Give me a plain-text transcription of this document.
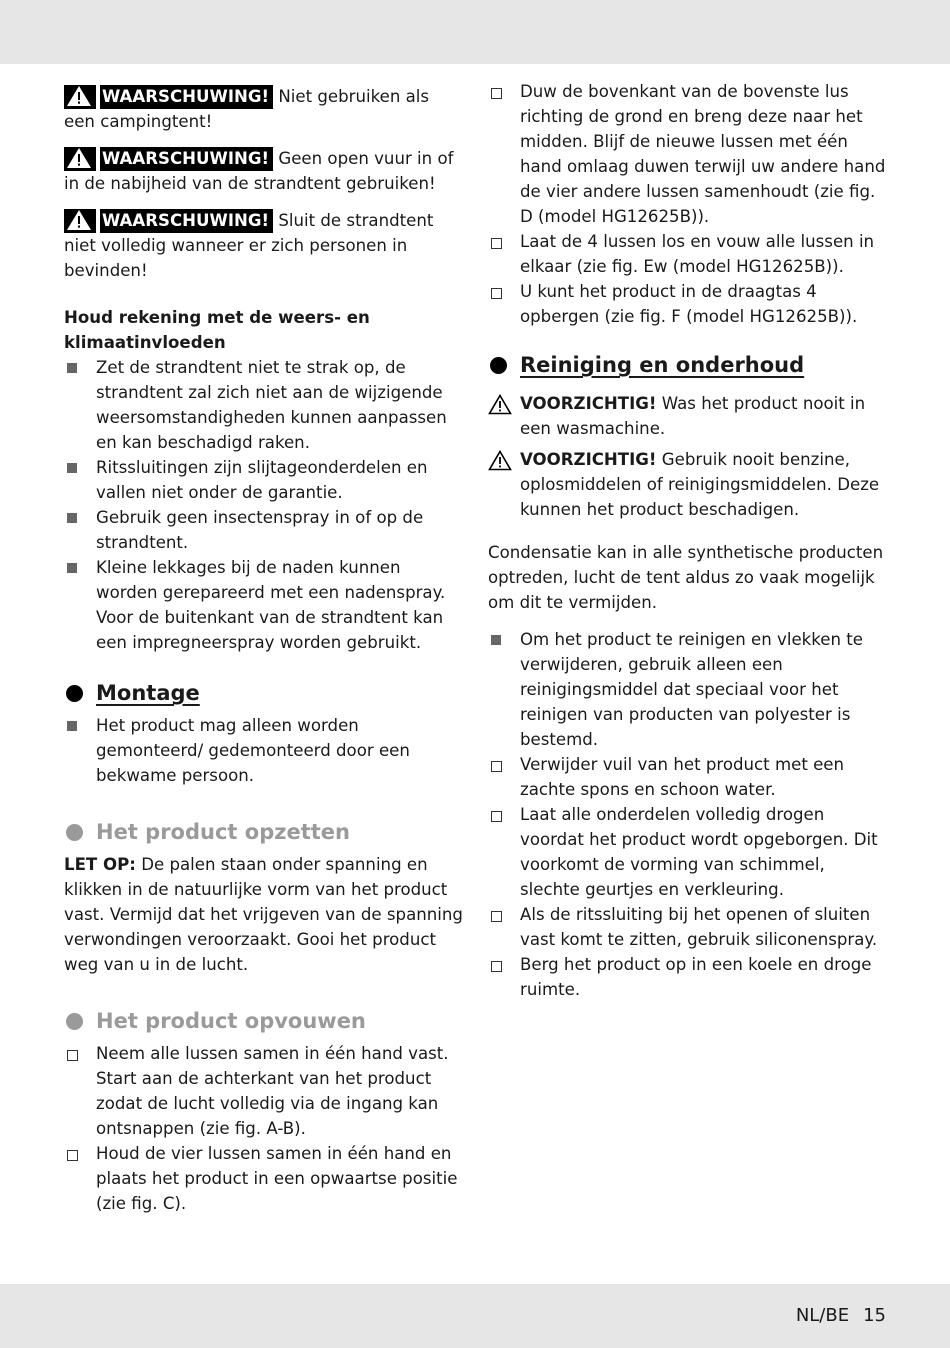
WAARSCHUWING! Niet gebruiken als
een campingtent!

WAARSCHUWING! Geen open vuur in of
in de nabijheid van de strandtent gebruiken!

WAARSCHUWING! Sluit de strandtent
niet volledig wanneer er zich personen in bevinden!

Houd rekening met de weers- en klimaatinvloeden
Zet de strandtent niet te strak op, de strandtent zal zich niet aan de wijzigende weersomstandigheden kunnen aanpassen en kan beschadigd raken.
Ritssluitingen zijn slijtageonderdelen en vallen niet onder de garantie.
Gebruik geen insectenspray in of op de strandtent.
Kleine lekkages bij de naden kunnen worden gerepareerd met een nadenspray. Voor de buitenkant van de strandtent kan een impregneerspray worden gebruikt.
Montage
Het product mag alleen worden gemonteerd/ gedemonteerd door een bekwame persoon.
Het product opzetten

LET OP: De palen staan onder spanning en klikken in de natuurlijke vorm van het product vast. Vermijd dat het vrijgeven van de spanning verwondingen veroorzaakt. Gooi het product weg van u in de lucht.

Het product opvouwen
Neem alle lussen samen in één hand vast. Start aan de achterkant van het product zodat de lucht volledig via de ingang kan ontsnappen (zie fig. A-B).
Houd de vier lussen samen in één hand en plaats het product in een opwaartse positie (zie fig. C).
Duw de bovenkant van de bovenste lus richting de grond en breng deze naar het midden. Blijf de nieuwe lussen met één hand omlaag duwen terwijl uw andere hand de vier andere lussen samenhoudt (zie fig. D (model HG12625B)).
Laat de 4 lussen los en vouw alle lussen in elkaar (zie fig. Ew (model HG12625B)).
U kunt het product in de draagtas 4 opbergen (zie fig. F (model HG12625B)).
Reiniging en onderhoud

VOORZICHTIG! Was het product nooit in een wasmachine.

VOORZICHTIG! Gebruik nooit benzine, oplosmiddelen of reinigingsmiddelen. Deze kunnen het product beschadigen.

Condensatie kan in alle synthetische producten optreden, lucht de tent aldus zo vaak mogelijk om dit te vermijden.

Om het product te reinigen en vlekken te verwijderen, gebruik alleen een reinigingsmiddel dat speciaal voor het reinigen van producten van polyester is bestemd.
Verwijder vuil van het product met een zachte spons en schoon water.
Laat alle onderdelen volledig drogen voordat het product wordt opgeborgen. Dit voorkomt de vorming van schimmel, slechte geurtjes en verkleuring.
Als de ritssluiting bij het openen of sluiten vast komt te zitten, gebruik siliconenspray.
Berg het product op in een koele en droge ruimte.
NL/BE 15
